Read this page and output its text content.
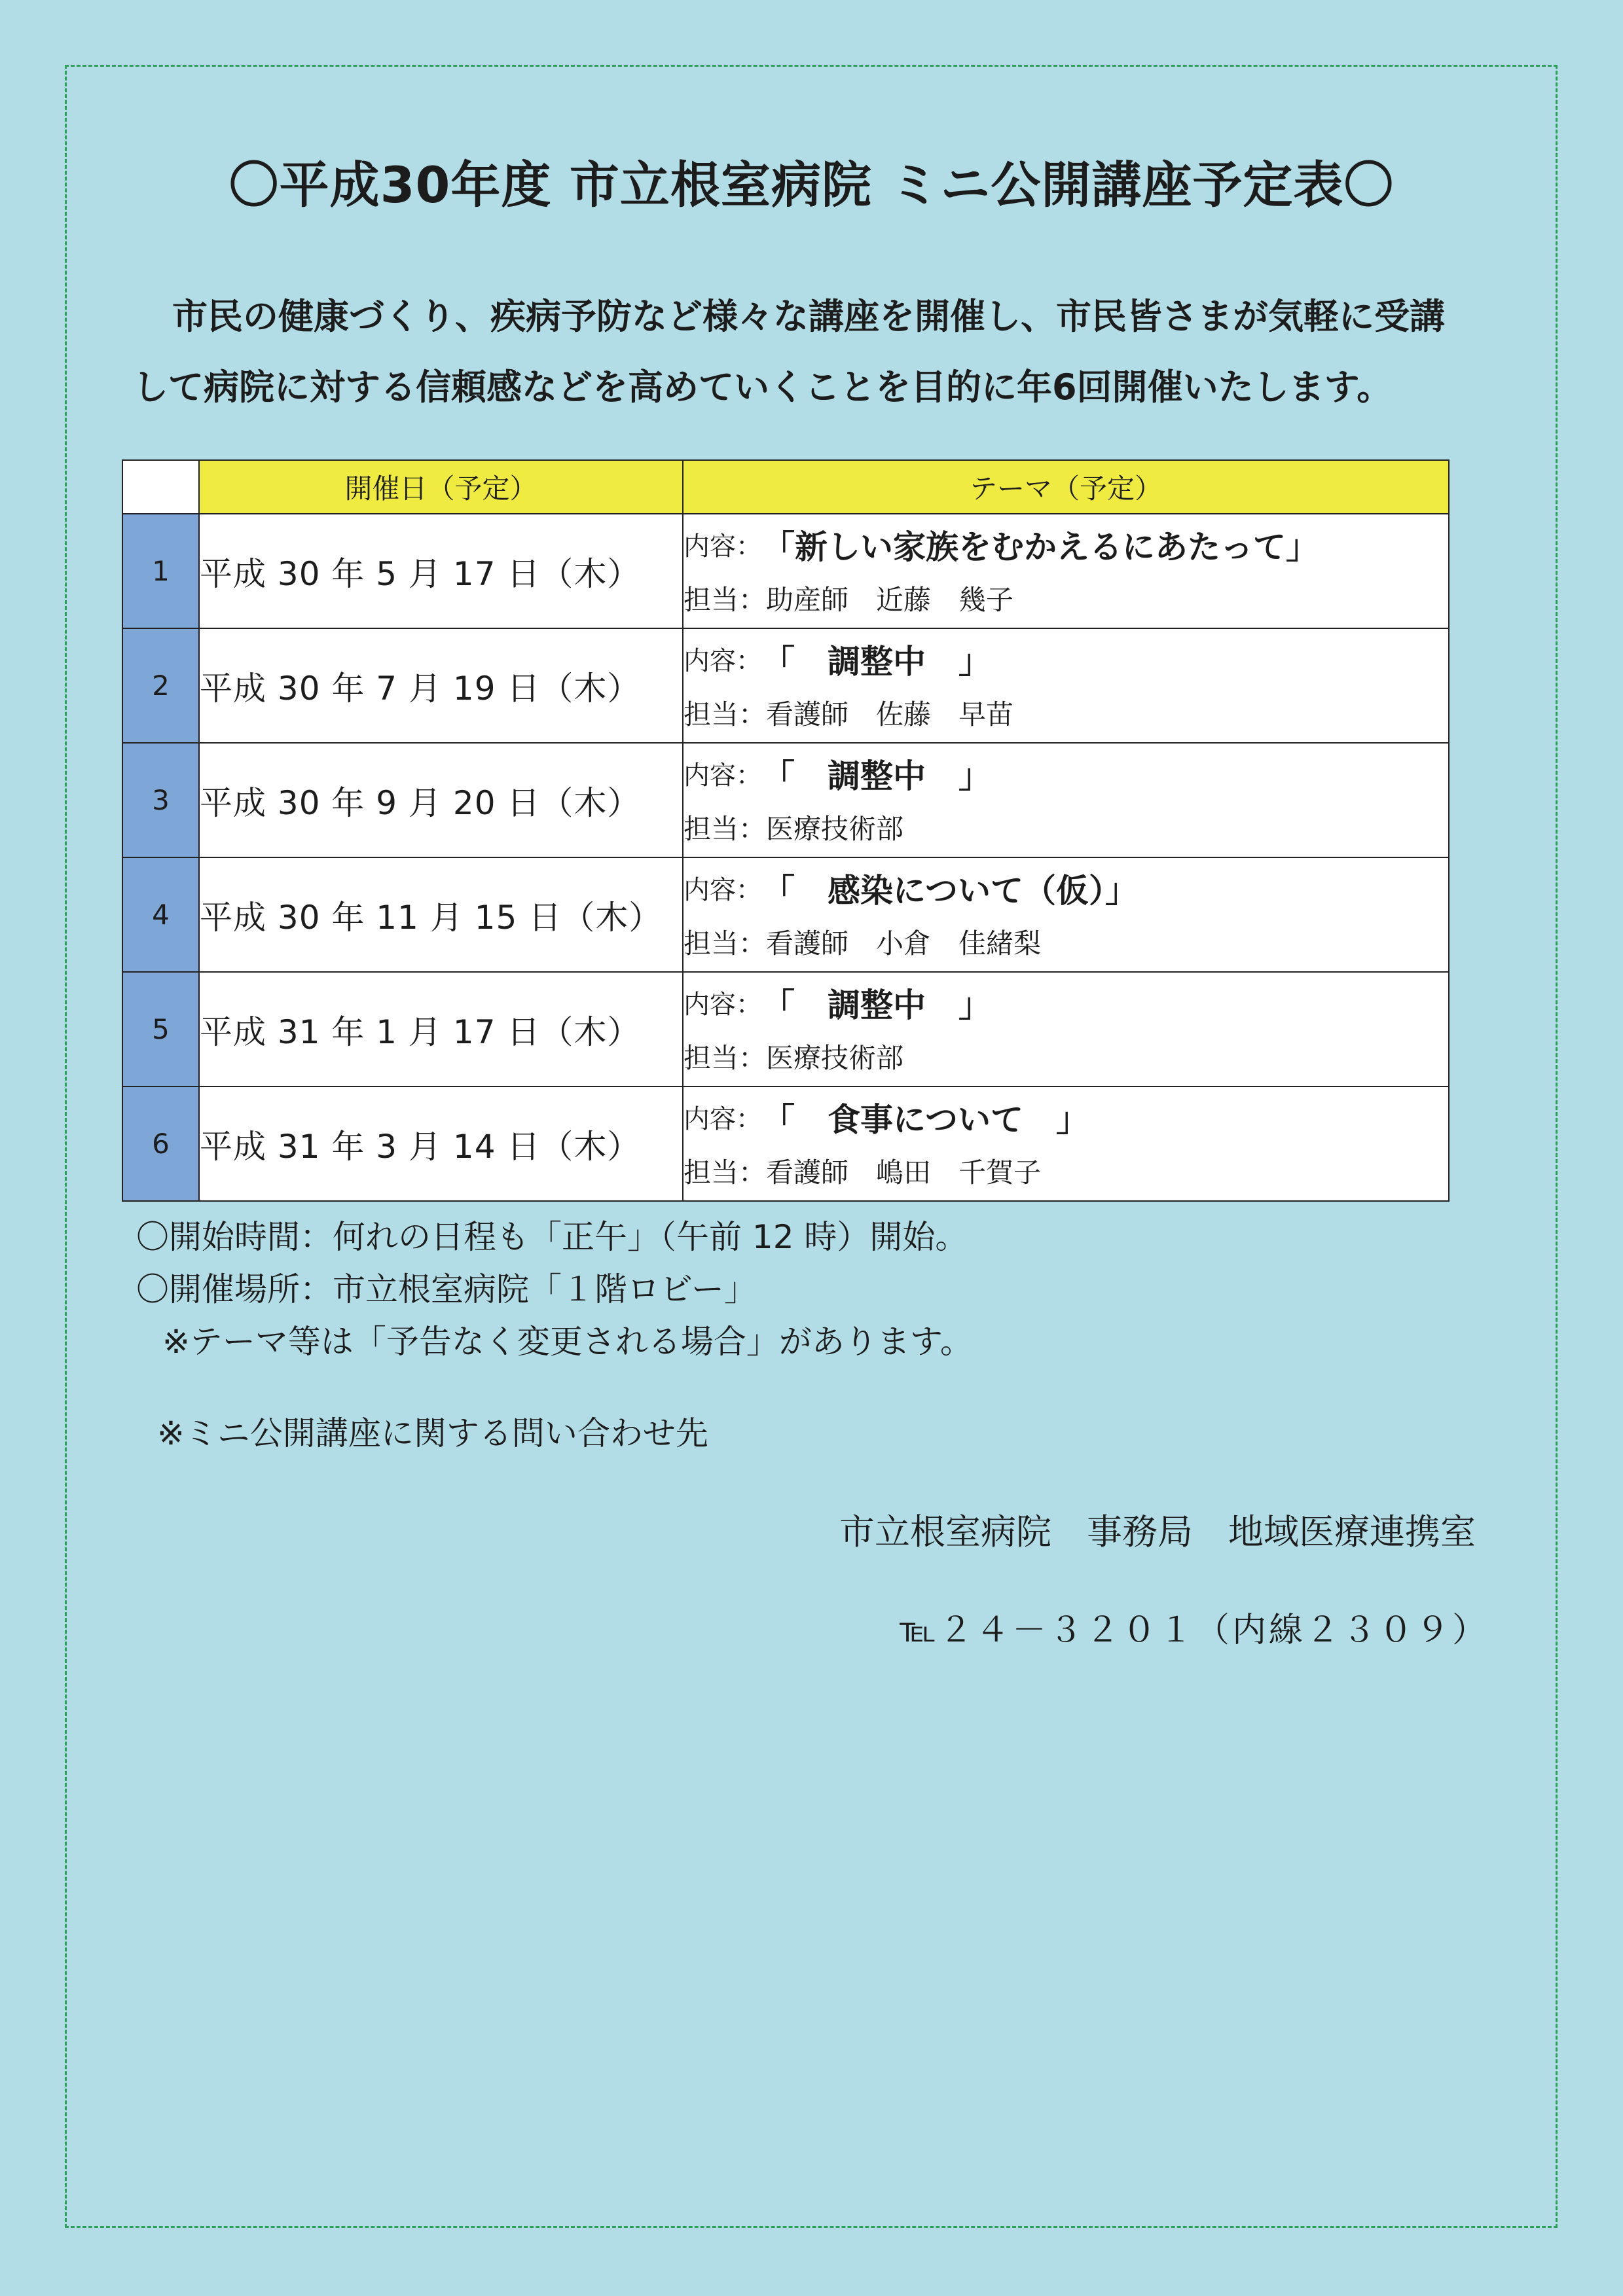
〇平成30年度 市立根室病院 ミニ公開講座予定表〇
市民の健康づくり、疾病予防など様々な講座を開催し、市民皆さまが気軽に受講
して病院に対する信頼感などを高めていくことを目的に年6回開催いたします。
	開催日（予定）	テーマ（予定）
1	平成 30 年 5 月 17 日（木）	内容： 「新しい家族をむかえるにあたって」
担当： 助産師　近藤　幾子

2	平成 30 年 7 月 19 日（木）	内容： 「　調整中　」
担当： 看護師　佐藤　早苗

3	平成 30 年 9 月 20 日（木）	内容： 「　調整中　」
担当： 医療技術部

4	平成 30 年 11 月 15 日（木）	内容： 「　感染について（仮）」
担当： 看護師　小倉　佳緒梨

5	平成 31 年 1 月 17 日（木）	内容： 「　調整中　」
担当： 医療技術部

6	平成 31 年 3 月 14 日（木）	内容： 「　食事について　」
担当： 看護師　嶋田　千賀子
〇開始時間：何れの日程も「正午」（午前 12 時）開始。
〇開催場所：市立根室病院「１階ロビー」
※テーマ等は「予告なく変更される場合」があります。
※ミニ公開講座に関する問い合わせ先
市立根室病院　事務局　地域医療連携室
℡２４－３２０１（内線２３０９）
